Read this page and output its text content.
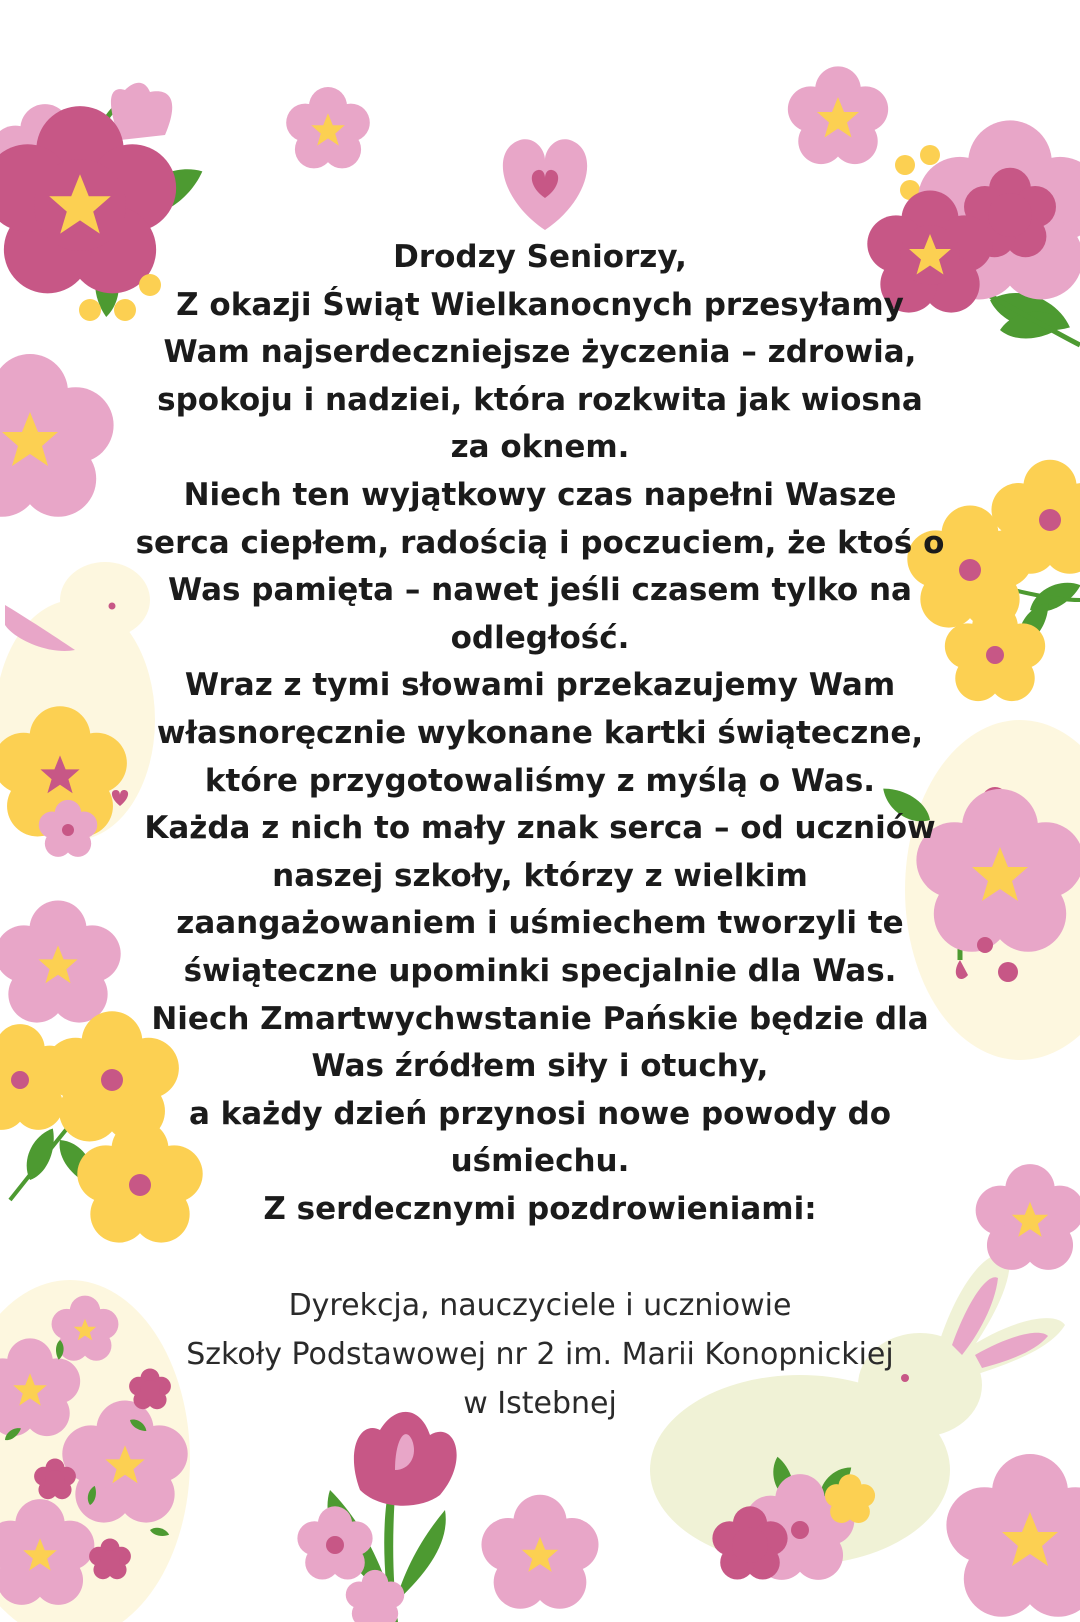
Drodzy Seniorzy,
Z okazji Świąt Wielkanocnych przesyłamy
Wam najserdeczniejsze życzenia – zdrowia,
spokoju i nadziei, która rozkwita jak wiosna
za oknem.
Niech ten wyjątkowy czas napełni Wasze
serca ciepłem, radością i poczuciem, że ktoś o
Was pamięta – nawet jeśli czasem tylko na
odległość.
Wraz z tymi słowami przekazujemy Wam
własnoręcznie wykonane kartki świąteczne,
które przygotowaliśmy z myślą o Was.
Każda z nich to mały znak serca – od uczniów
naszej szkoły, którzy z wielkim
zaangażowaniem i uśmiechem tworzyli te
świąteczne upominki specjalnie dla Was.
Niech Zmartwychwstanie Pańskie będzie dla
Was źródłem siły i otuchy,
a każdy dzień przynosi nowe powody do
uśmiechu.
Z serdecznymi pozdrowieniami:

Dyrekcja, nauczyciele i uczniowie
Szkoły Podstawowej nr 2 im. Marii Konopnickiej
w Istebnej
